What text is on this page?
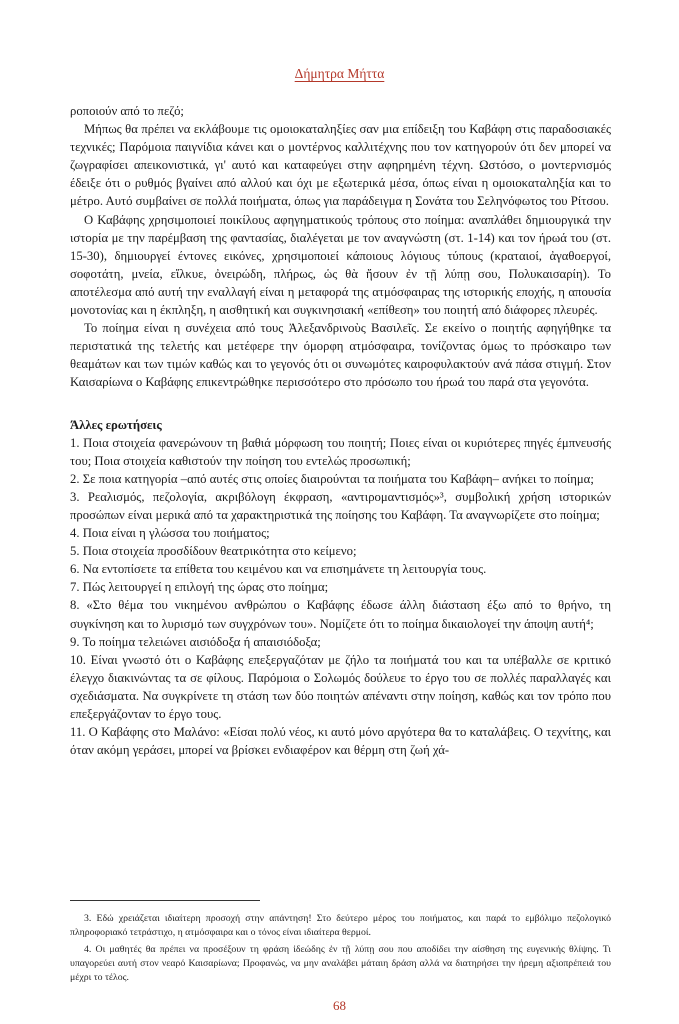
Δήμητρα Μήττα

ροποιούν από το πεζό;

Μήπως θα πρέπει να εκλάβουμε τις ομοιοκαταληξίες σαν μια επίδειξη του Καβάφη στις παραδοσιακές τεχνικές; Παρόμοια παιγνίδια κάνει και ο μοντέρνος καλλιτέχνης που τον κατηγορούν ότι δεν μπορεί να ζωγραφίσει απεικονιστικά, γι' αυτό και καταφεύγει στην αφηρημένη τέχνη. Ωστόσο, ο μοντερνισμός έδειξε ότι ο ρυθμός βγαίνει από αλλού και όχι με εξωτερικά μέσα, όπως είναι η ομοιοκαταληξία και το μέτρο. Αυτό συμβαίνει σε πολλά ποιήματα, όπως για παράδειγμα η Σονάτα του Σεληνόφωτος του Ρίτσου.

Ο Καβάφης χρησιμοποιεί ποικίλους αφηγηματικούς τρόπους στο ποίημα: αναπλάθει δημιουργικά την ιστορία με την παρέμβαση της φαντασίας, διαλέγεται με τον αναγνώστη (στ. 1-14) και τον ήρωά του (στ. 15-30), δημιουργεί έντονες εικόνες, χρησιμοποιεί κάποιους λόγιους τύπους (κραταιοί, ἀγαθοεργοί, σοφοτάτη, μνεία, εἵλκυε, ὀνειρώδη, πλήρως, ὡς θὰ ἤσουν ἐν τῇ λύπῃ σου, Πολυκαισαρίη). Το αποτέλεσμα από αυτή την εναλλαγή είναι η μεταφορά της ατμόσφαιρας της ιστορικής εποχής, η απουσία μονοτονίας και η έκπληξη, η αισθητική και συγκινησιακή «επίθεση» του ποιητή από διάφορες πλευρές.

Το ποίημα είναι η συνέχεια από τους Ἀλεξανδρινοὺς Βασιλεῖς. Σε εκείνο ο ποιητής αφηγήθηκε τα περιστατικά της τελετής και μετέφερε την όμορφη ατμόσφαιρα, τονίζοντας όμως το πρόσκαιρο των θεαμάτων και των τιμών καθώς και το γεγονός ότι οι συνωμότες καιροφυλακτούν ανά πάσα στιγμή. Στον Καισαρίωνα ο Καβάφης επικεντρώθηκε περισσότερο στο πρόσωπο του ήρωά του παρά στα γεγονότα.

Άλλες ερωτήσεις
1. Ποια στοιχεία φανερώνουν τη βαθιά μόρφωση του ποιητή; Ποιες είναι οι κυριότερες πηγές έμπνευσής του; Ποια στοιχεία καθιστούν την ποίηση του εντελώς προσωπική;
2. Σε ποια κατηγορία –από αυτές στις οποίες διαιρούνται τα ποιήματα του Καβάφη– ανήκει το ποίημα;
3. Ρεαλισμός, πεζολογία, ακριβόλογη έκφραση, «αντιρομαντισμός»³, συμβολική χρήση ιστορικών προσώπων είναι μερικά από τα χαρακτηριστικά της ποίησης του Καβάφη. Τα αναγνωρίζετε στο ποίημα;
4. Ποια είναι η γλώσσα του ποιήματος;
5. Ποια στοιχεία προσδίδουν θεατρικότητα στο κείμενο;
6. Να εντοπίσετε τα επίθετα του κειμένου και να επισημάνετε τη λειτουργία τους.
7. Πώς λειτουργεί η επιλογή της ώρας στο ποίημα;
8. «Στο θέμα του νικημένου ανθρώπου ο Καβάφης έδωσε άλλη διάσταση έξω από το θρήνο, τη συγκίνηση και το λυρισμό των συγχρόνων του». Νομίζετε ότι το ποίημα δικαιολογεί την άποψη αυτή⁴;
9. Το ποίημα τελειώνει αισιόδοξα ή απαισιόδοξα;
10. Είναι γνωστό ότι ο Καβάφης επεξεργαζόταν με ζήλο τα ποιήματά του και τα υπέβαλλε σε κριτικό έλεγχο διακινώντας τα σε φίλους. Παρόμοια ο Σολωμός δούλευε το έργο του σε πολλές παραλλαγές και σχεδιάσματα. Να συγκρίνετε τη στάση των δύο ποιητών απέναντι στην ποίηση, καθώς και τον τρόπο που επεξεργάζονταν το έργο τους.
11. Ο Καβάφης στο Μαλάνο: «Είσαι πολύ νέος, κι αυτό μόνο αργότερα θα το καταλάβεις. Ο τεχνίτης, και όταν ακόμη γεράσει, μπορεί να βρίσκει ενδιαφέρον και θέρμη στη ζωή χά-

3. Εδώ χρειάζεται ιδιαίτερη προσοχή στην απάντηση! Στο δεύτερο μέρος του ποιήματος, και παρά το εμβόλιμο πεζολογικό πληροφοριακό τετράστιχο, η ατμόσφαιρα και ο τόνος είναι ιδιαίτερα θερμοί.

4. Οι μαθητές θα πρέπει να προσέξουν τη φράση ἰδεώδης ἐν τῇ λύπῃ σου που αποδίδει την αίσθηση της ευγενικής θλίψης. Τι υπαγορεύει αυτή στον νεαρό Καισαρίωνα; Προφανώς, να μην αναλάβει μάταιη δράση αλλά να διατηρήσει την ήρεμη αξιοπρέπειά του μέχρι το τέλος.

68
